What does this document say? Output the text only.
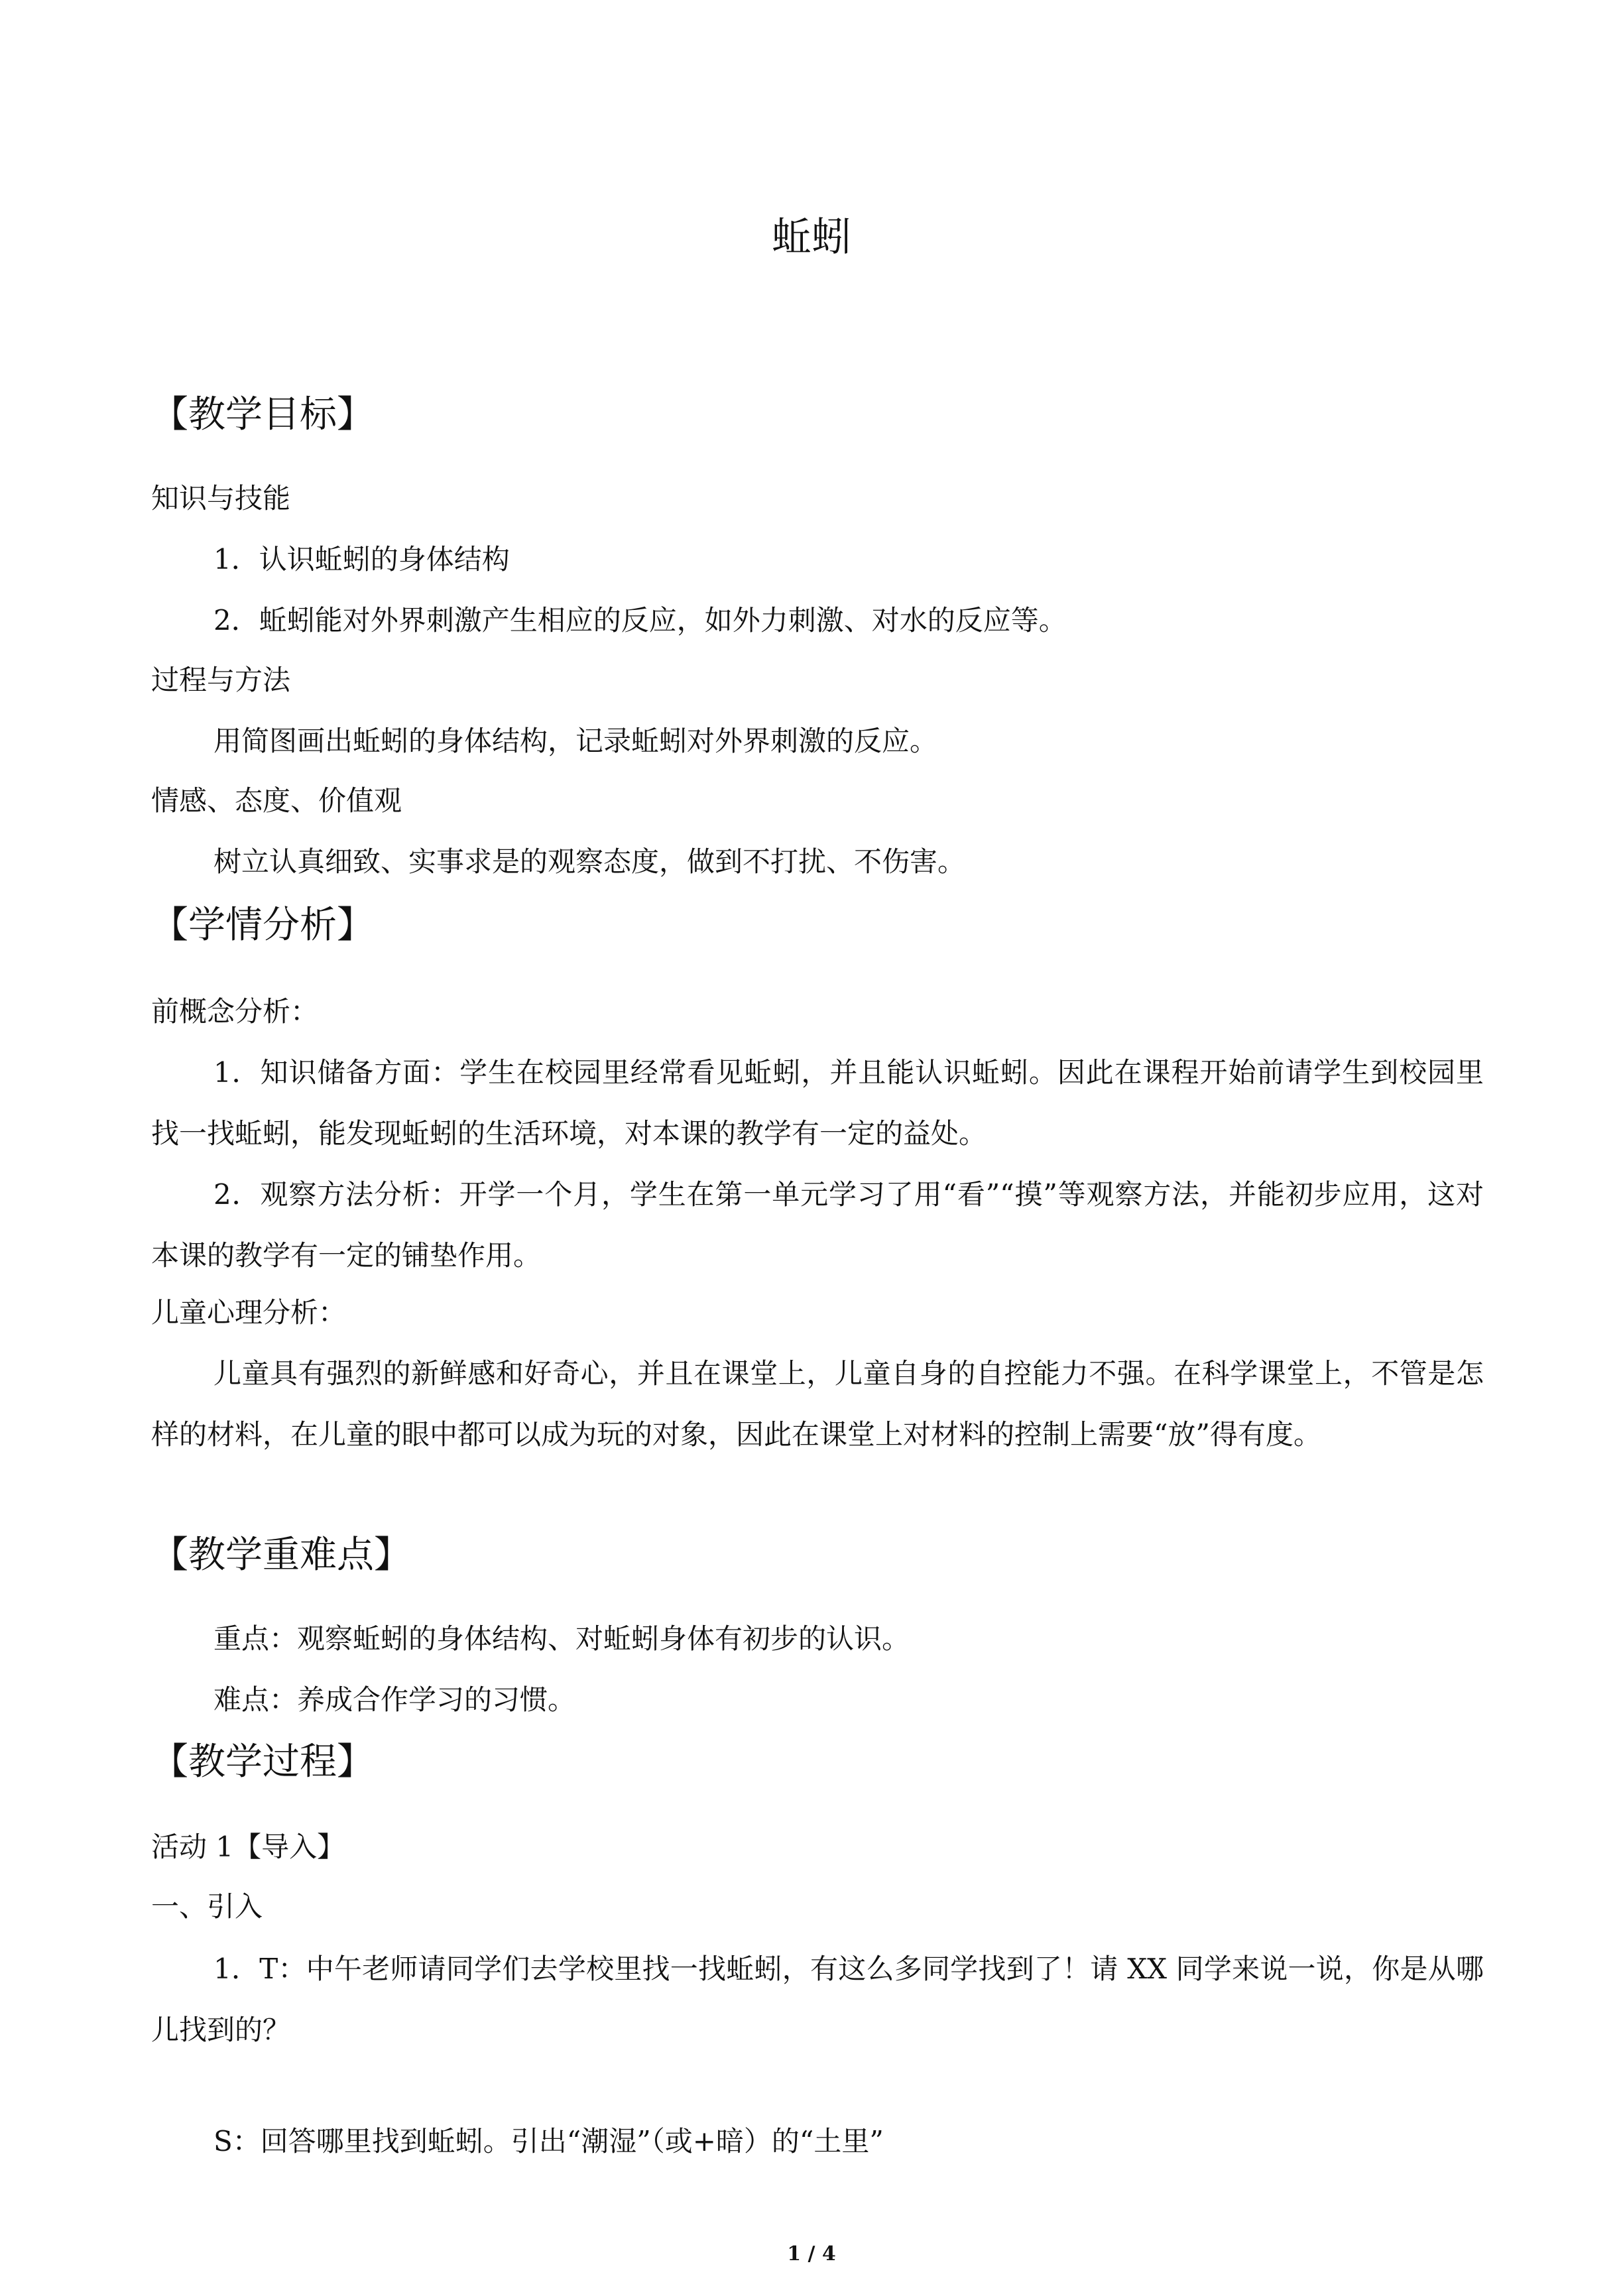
蚯蚓
【教学目标】

知识与技能

1．认识蚯蚓的身体结构

2．蚯蚓能对外界刺激产生相应的反应，如外力刺激、对水的反应等。

过程与方法

用简图画出蚯蚓的身体结构，记录蚯蚓对外界刺激的反应。

情感、态度、价值观

树立认真细致、实事求是的观察态度，做到不打扰、不伤害。

【学情分析】

前概念分析：

1．知识储备方面：学生在校园里经常看见蚯蚓，并且能认识蚯蚓。因此在课程开始前请学生到校园里找一找蚯蚓，能发现蚯蚓的生活环境，对本课的教学有一定的益处。

2．观察方法分析：开学一个月，学生在第一单元学习了用“看”“摸”等观察方法，并能初步应用，这对本课的教学有一定的铺垫作用。

儿童心理分析：

儿童具有强烈的新鲜感和好奇心，并且在课堂上，儿童自身的自控能力不强。在科学课堂上，不管是怎样的材料，在儿童的眼中都可以成为玩的对象，因此在课堂上对材料的控制上需要“放”得有度。

【教学重难点】

重点：观察蚯蚓的身体结构、对蚯蚓身体有初步的认识。

难点：养成合作学习的习惯。

【教学过程】

活动 1【导入】

一、引入

1．T：中午老师请同学们去学校里找一找蚯蚓，有这么多同学找到了！请 XX 同学来说一说，你是从哪儿找到的？

S：回答哪里找到蚯蚓。引出“潮湿”（或+暗）的“土里”

1 / 4
